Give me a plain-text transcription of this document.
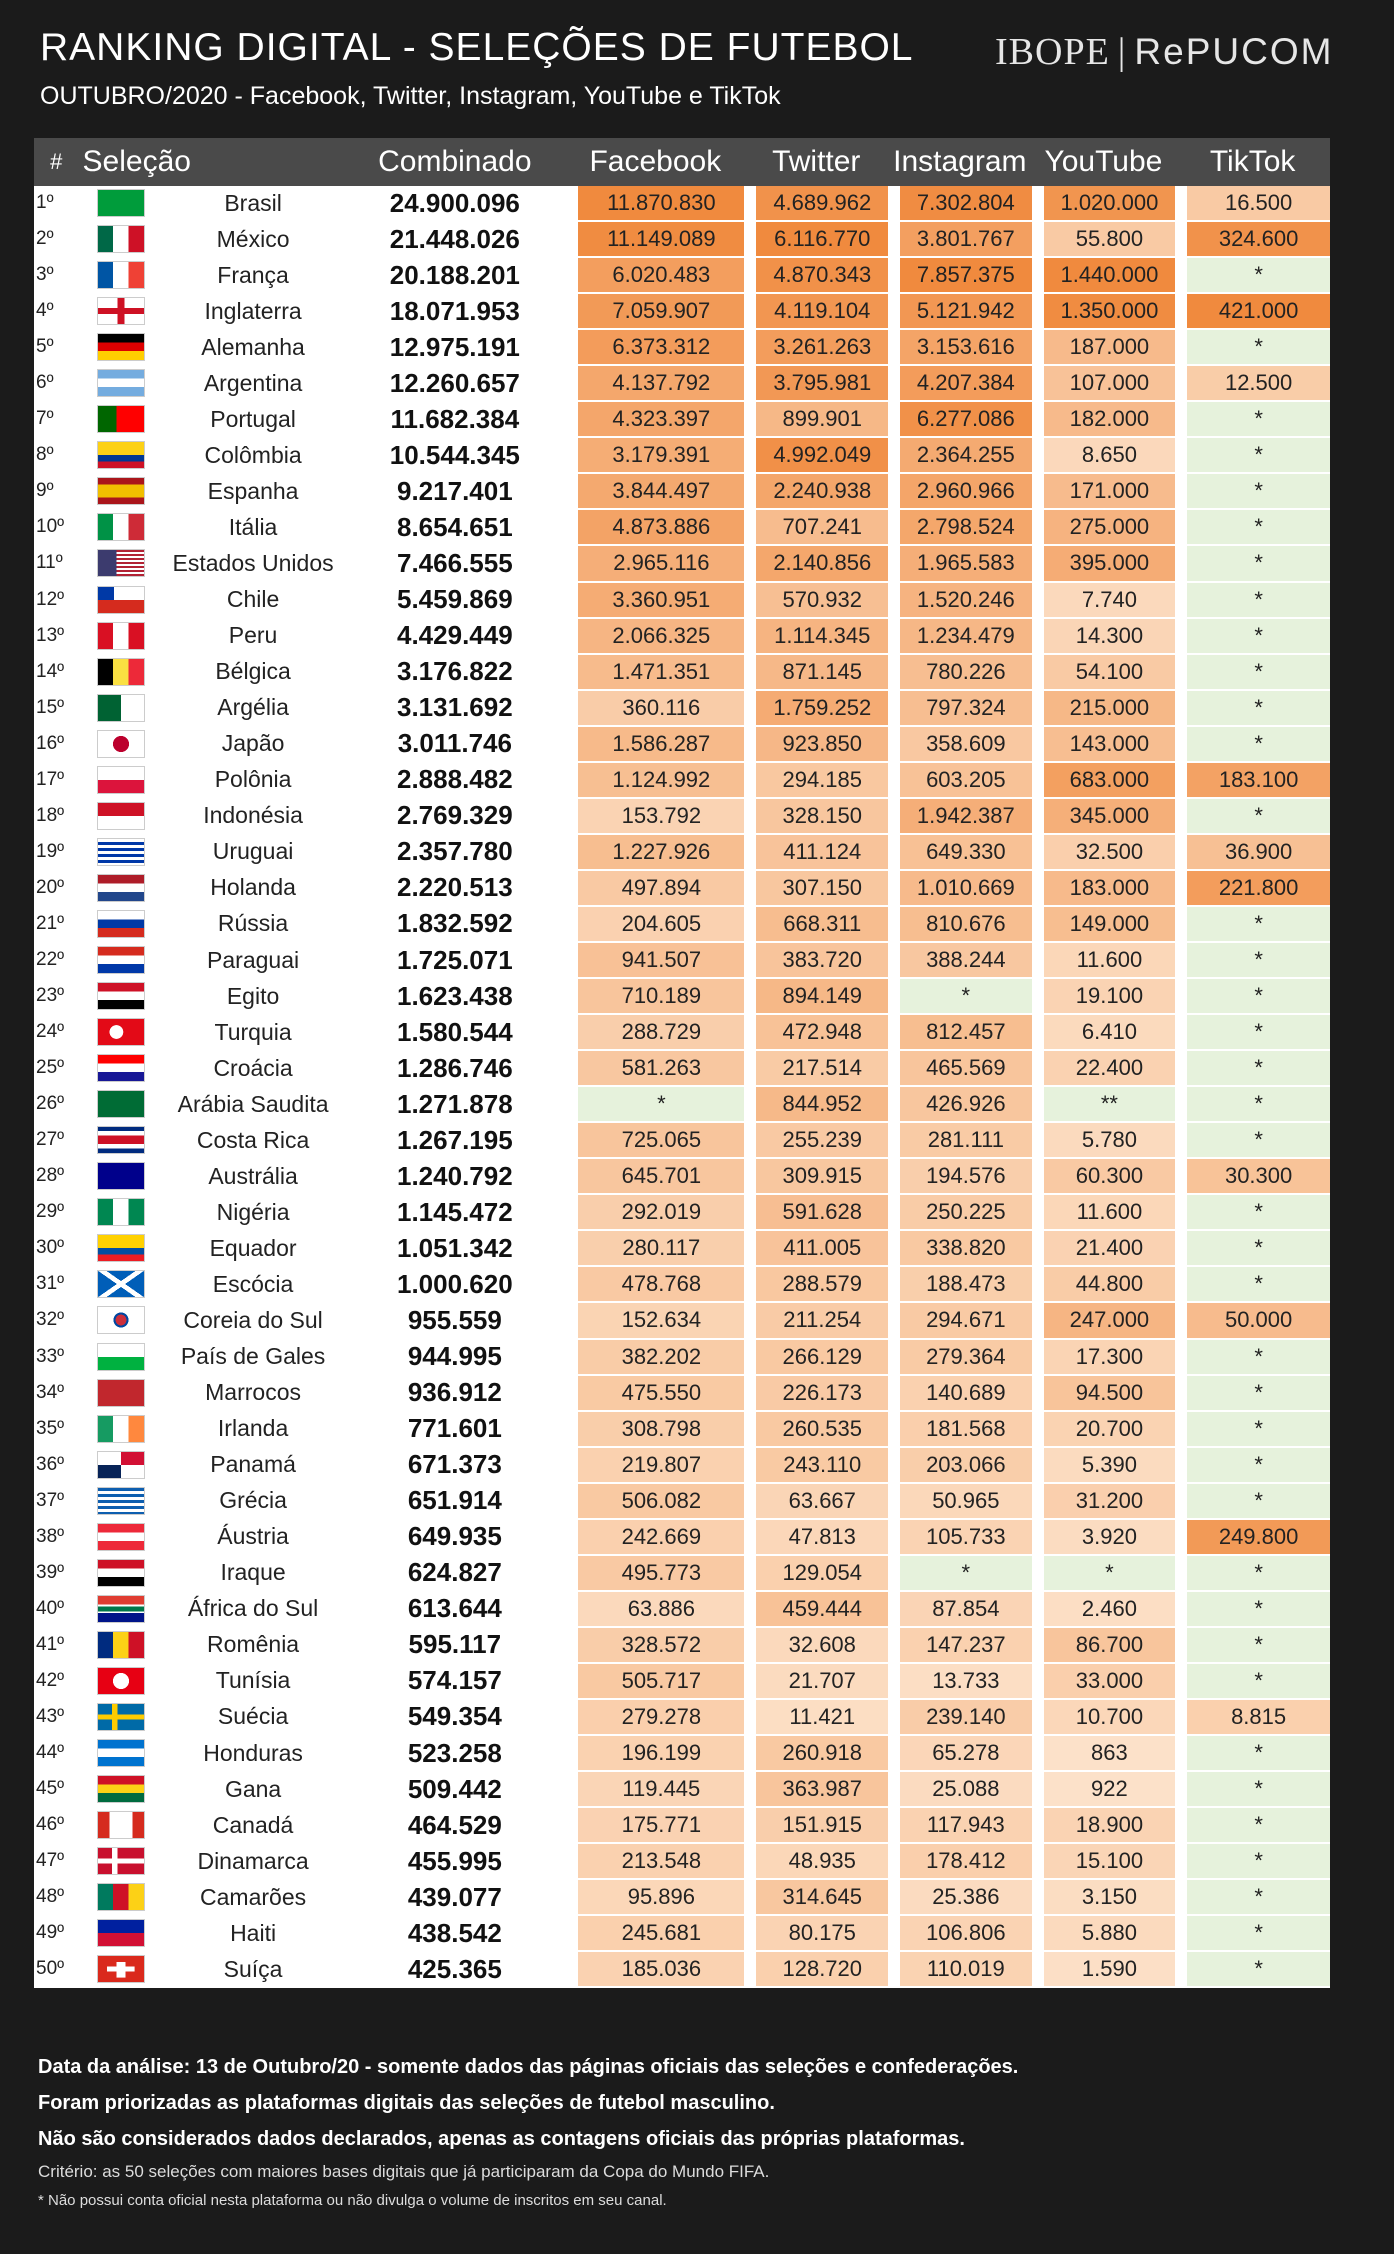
RANKING DIGITAL - SELEÇÕES DE FUTEBOL
OUTUBRO/2020 - Facebook, Twitter, Instagram, YouTube e TikTok
IBOPE | RePUCOM
#	Seleção		Combinado	Facebook	Twitter	Instagram	YouTube	TikTok
1º		Brasil	24.900.096	11.870.830	4.689.962	7.302.804	1.020.000	16.500
2º		México	21.448.026	11.149.089	6.116.770	3.801.767	55.800	324.600
3º		França	20.188.201	6.020.483	4.870.343	7.857.375	1.440.000	*
4º		Inglaterra	18.071.953	7.059.907	4.119.104	5.121.942	1.350.000	421.000
5º		Alemanha	12.975.191	6.373.312	3.261.263	3.153.616	187.000	*
6º		Argentina	12.260.657	4.137.792	3.795.981	4.207.384	107.000	12.500
7º		Portugal	11.682.384	4.323.397	899.901	6.277.086	182.000	*
8º		Colômbia	10.544.345	3.179.391	4.992.049	2.364.255	8.650	*
9º		Espanha	9.217.401	3.844.497	2.240.938	2.960.966	171.000	*
10º		Itália	8.654.651	4.873.886	707.241	2.798.524	275.000	*
11º		Estados Unidos	7.466.555	2.965.116	2.140.856	1.965.583	395.000	*
12º		Chile	5.459.869	3.360.951	570.932	1.520.246	7.740	*
13º		Peru	4.429.449	2.066.325	1.114.345	1.234.479	14.300	*
14º		Bélgica	3.176.822	1.471.351	871.145	780.226	54.100	*
15º		Argélia	3.131.692	360.116	1.759.252	797.324	215.000	*
16º		Japão	3.011.746	1.586.287	923.850	358.609	143.000	*
17º		Polônia	2.888.482	1.124.992	294.185	603.205	683.000	183.100
18º		Indonésia	2.769.329	153.792	328.150	1.942.387	345.000	*
19º		Uruguai	2.357.780	1.227.926	411.124	649.330	32.500	36.900
20º		Holanda	2.220.513	497.894	307.150	1.010.669	183.000	221.800
21º		Rússia	1.832.592	204.605	668.311	810.676	149.000	*
22º		Paraguai	1.725.071	941.507	383.720	388.244	11.600	*
23º		Egito	1.623.438	710.189	894.149	*	19.100	*
24º		Turquia	1.580.544	288.729	472.948	812.457	6.410	*
25º		Croácia	1.286.746	581.263	217.514	465.569	22.400	*
26º		Arábia Saudita	1.271.878	*	844.952	426.926	**	*
27º		Costa Rica	1.267.195	725.065	255.239	281.111	5.780	*
28º		Austrália	1.240.792	645.701	309.915	194.576	60.300	30.300
29º		Nigéria	1.145.472	292.019	591.628	250.225	11.600	*
30º		Equador	1.051.342	280.117	411.005	338.820	21.400	*
31º		Escócia	1.000.620	478.768	288.579	188.473	44.800	*
32º		Coreia do Sul	955.559	152.634	211.254	294.671	247.000	50.000
33º		País de Gales	944.995	382.202	266.129	279.364	17.300	*
34º		Marrocos	936.912	475.550	226.173	140.689	94.500	*
35º		Irlanda	771.601	308.798	260.535	181.568	20.700	*
36º		Panamá	671.373	219.807	243.110	203.066	5.390	*
37º		Grécia	651.914	506.082	63.667	50.965	31.200	*
38º		Áustria	649.935	242.669	47.813	105.733	3.920	249.800
39º		Iraque	624.827	495.773	129.054	*	*	*
40º		África do Sul	613.644	63.886	459.444	87.854	2.460	*
41º		Romênia	595.117	328.572	32.608	147.237	86.700	*
42º		Tunísia	574.157	505.717	21.707	13.733	33.000	*
43º		Suécia	549.354	279.278	11.421	239.140	10.700	8.815
44º		Honduras	523.258	196.199	260.918	65.278	863	*
45º		Gana	509.442	119.445	363.987	25.088	922	*
46º		Canadá	464.529	175.771	151.915	117.943	18.900	*
47º		Dinamarca	455.995	213.548	48.935	178.412	15.100	*
48º		Camarões	439.077	95.896	314.645	25.386	3.150	*
49º		Haiti	438.542	245.681	80.175	106.806	5.880	*
50º		Suíça	425.365	185.036	128.720	110.019	1.590	*
Data da análise: 13 de Outubro/20 - somente dados das páginas oficiais das seleções e confederações.
Foram priorizadas as plataformas digitais das seleções de futebol masculino.
Não são considerados dados declarados, apenas as contagens oficiais das próprias plataformas.
Critério: as 50 seleções com maiores bases digitais que já participaram da Copa do Mundo FIFA.
* Não possui conta oficial nesta plataforma ou não divulga o volume de inscritos em seu canal.
